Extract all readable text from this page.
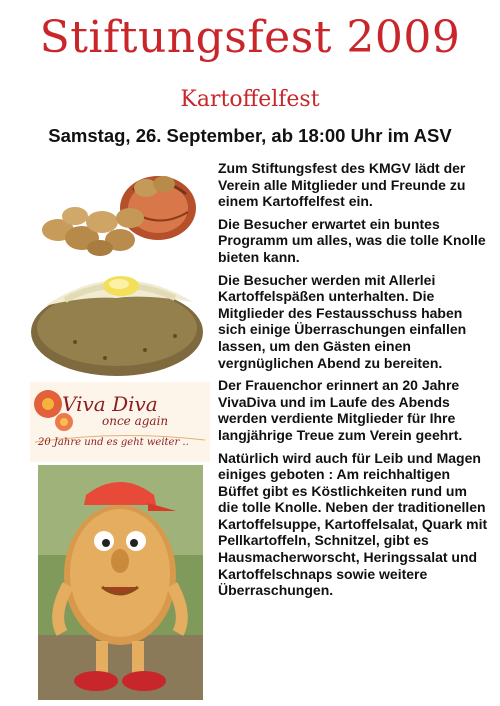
Stiftungsfest 2009
Kartoffelfest
Samstag, 26. September, ab 18:00 Uhr im ASV
Viva Diva
once again
20 Jahre und es geht weiter ..

Zum Stiftungsfest des KMGV lädt der Verein alle Mitglieder und Freunde zu einem Kartoffelfest ein.

Die Besucher erwartet ein buntes Programm um alles, was die tolle Knolle bieten kann.

Die Besucher werden mit Allerlei Kartoffelspäßen unterhalten. Die Mitglieder des Festausschuss haben sich einige Überraschungen einfallen lassen, um den Gästen einen vergnüglichen Abend zu bereiten.

Der Frauenchor erinnert an 20 Jahre VivaDiva und im Laufe des Abends werden verdiente Mitglieder für Ihre langjährige Treue zum Verein geehrt.

Natürlich wird auch für Leib und Magen einiges geboten : Am reichhaltigen Büffet gibt es Köstlichkeiten rund um die tolle Knolle. Neben der traditionellen Kartoffelsuppe, Kartoffelsalat, Quark mit Pellkartoffeln, Schnitzel, gibt es Hausmacherworscht, Heringssalat und Kartoffelschnaps sowie weitere Überraschungen.
